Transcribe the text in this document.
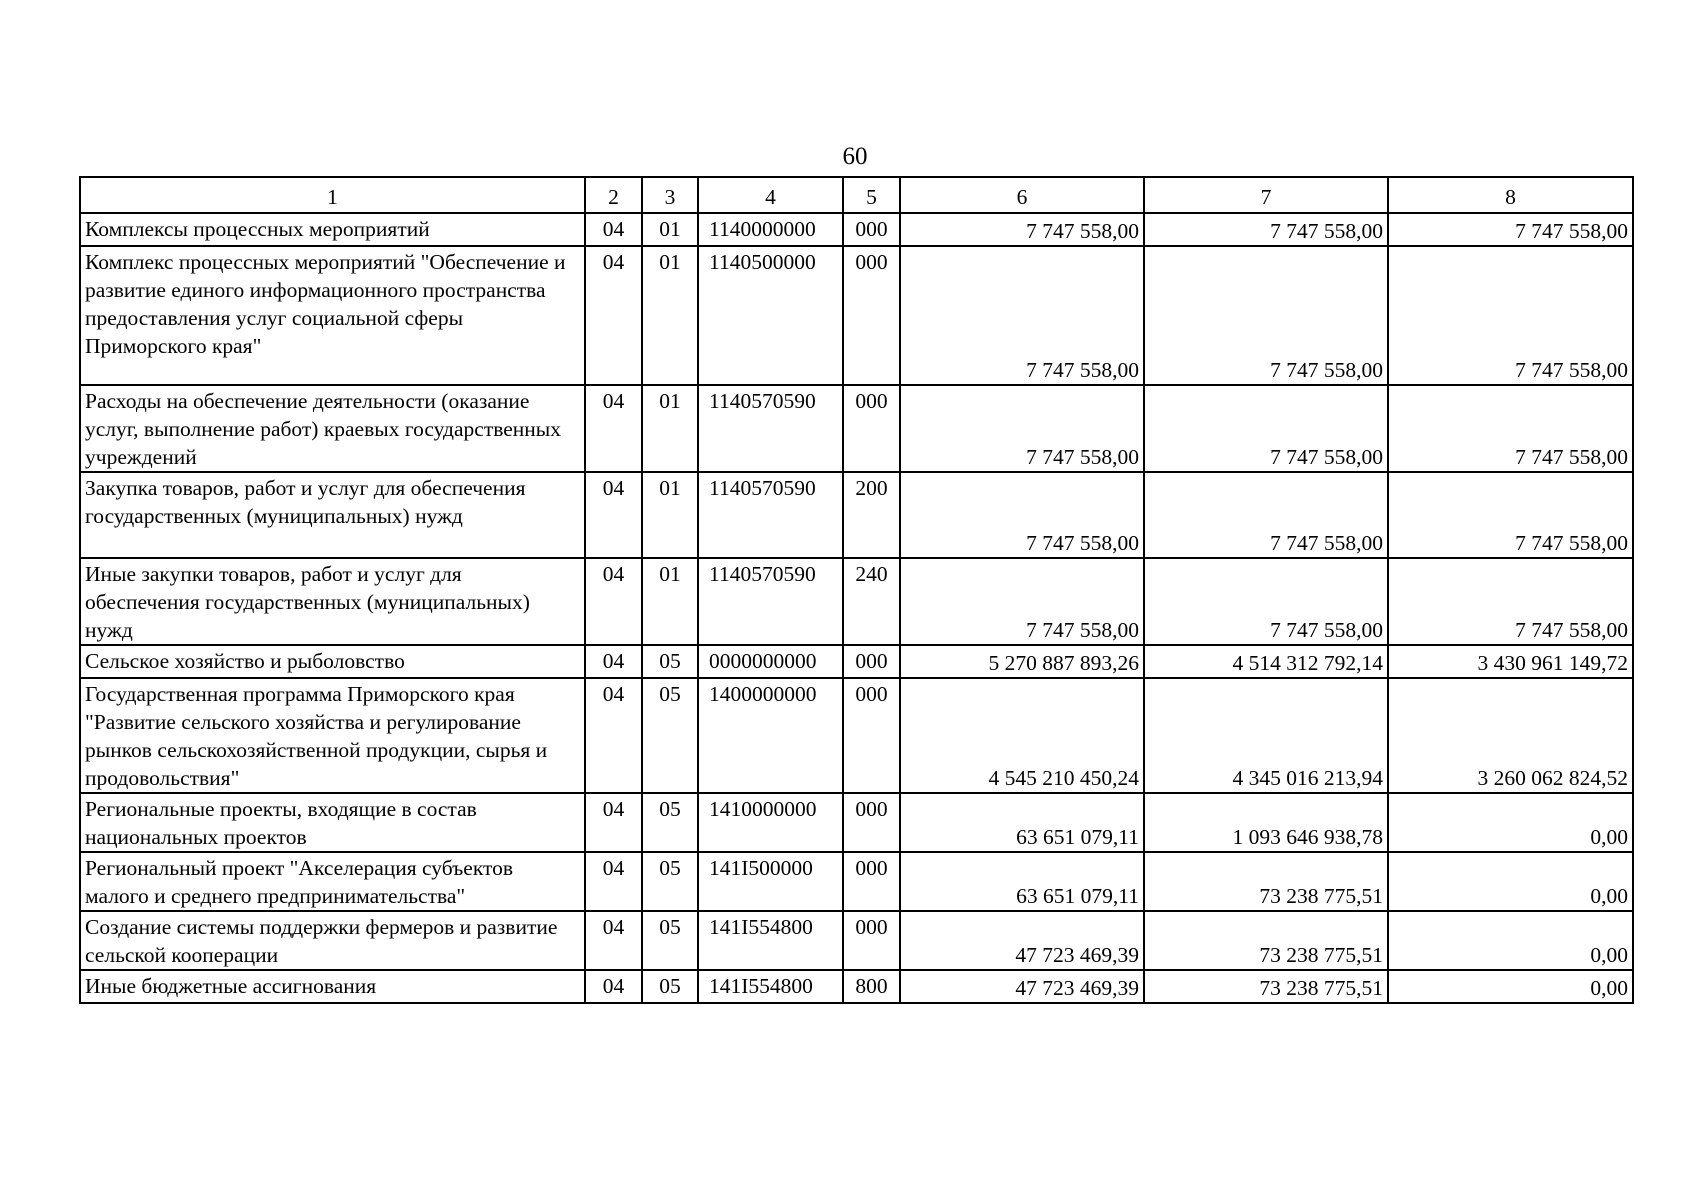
60
1	2	3	4	5	6	7	8
Комплексы процессных мероприятий	04	01	1140000000	000	7 747 558,00	7 747 558,00	7 747 558,00
Комплекс процессных мероприятий "Обеспечение и развитие единого информационного пространства предоставления услуг социальной сферы Приморского края"	04	01	1140500000	000	7 747 558,00	7 747 558,00	7 747 558,00
Расходы на обеспечение деятельности (оказание услуг, выполнение работ) краевых государственных учреждений	04	01	1140570590	000	7 747 558,00	7 747 558,00	7 747 558,00
Закупка товаров, работ и услуг для обеспечения государственных (муниципальных) нужд	04	01	1140570590	200	7 747 558,00	7 747 558,00	7 747 558,00
Иные закупки товаров, работ и услуг для обеспечения государственных (муниципальных) нужд	04	01	1140570590	240	7 747 558,00	7 747 558,00	7 747 558,00
Сельское хозяйство и рыболовство	04	05	0000000000	000	5 270 887 893,26	4 514 312 792,14	3 430 961 149,72
Государственная программа Приморского края "Развитие сельского хозяйства и регулирование рынков сельскохозяйственной продукции, сырья и продовольствия"	04	05	1400000000	000	4 545 210 450,24	4 345 016 213,94	3 260 062 824,52
Региональные проекты, входящие в состав национальных проектов	04	05	1410000000	000	63 651 079,11	1 093 646 938,78	0,00
Региональный проект "Акселерация субъектов малого и среднего предпринимательства"	04	05	141I500000	000	63 651 079,11	73 238 775,51	0,00
Создание системы поддержки фермеров и развитие сельской кооперации	04	05	141I554800	000	47 723 469,39	73 238 775,51	0,00
Иные бюджетные ассигнования	04	05	141I554800	800	47 723 469,39	73 238 775,51	0,00
